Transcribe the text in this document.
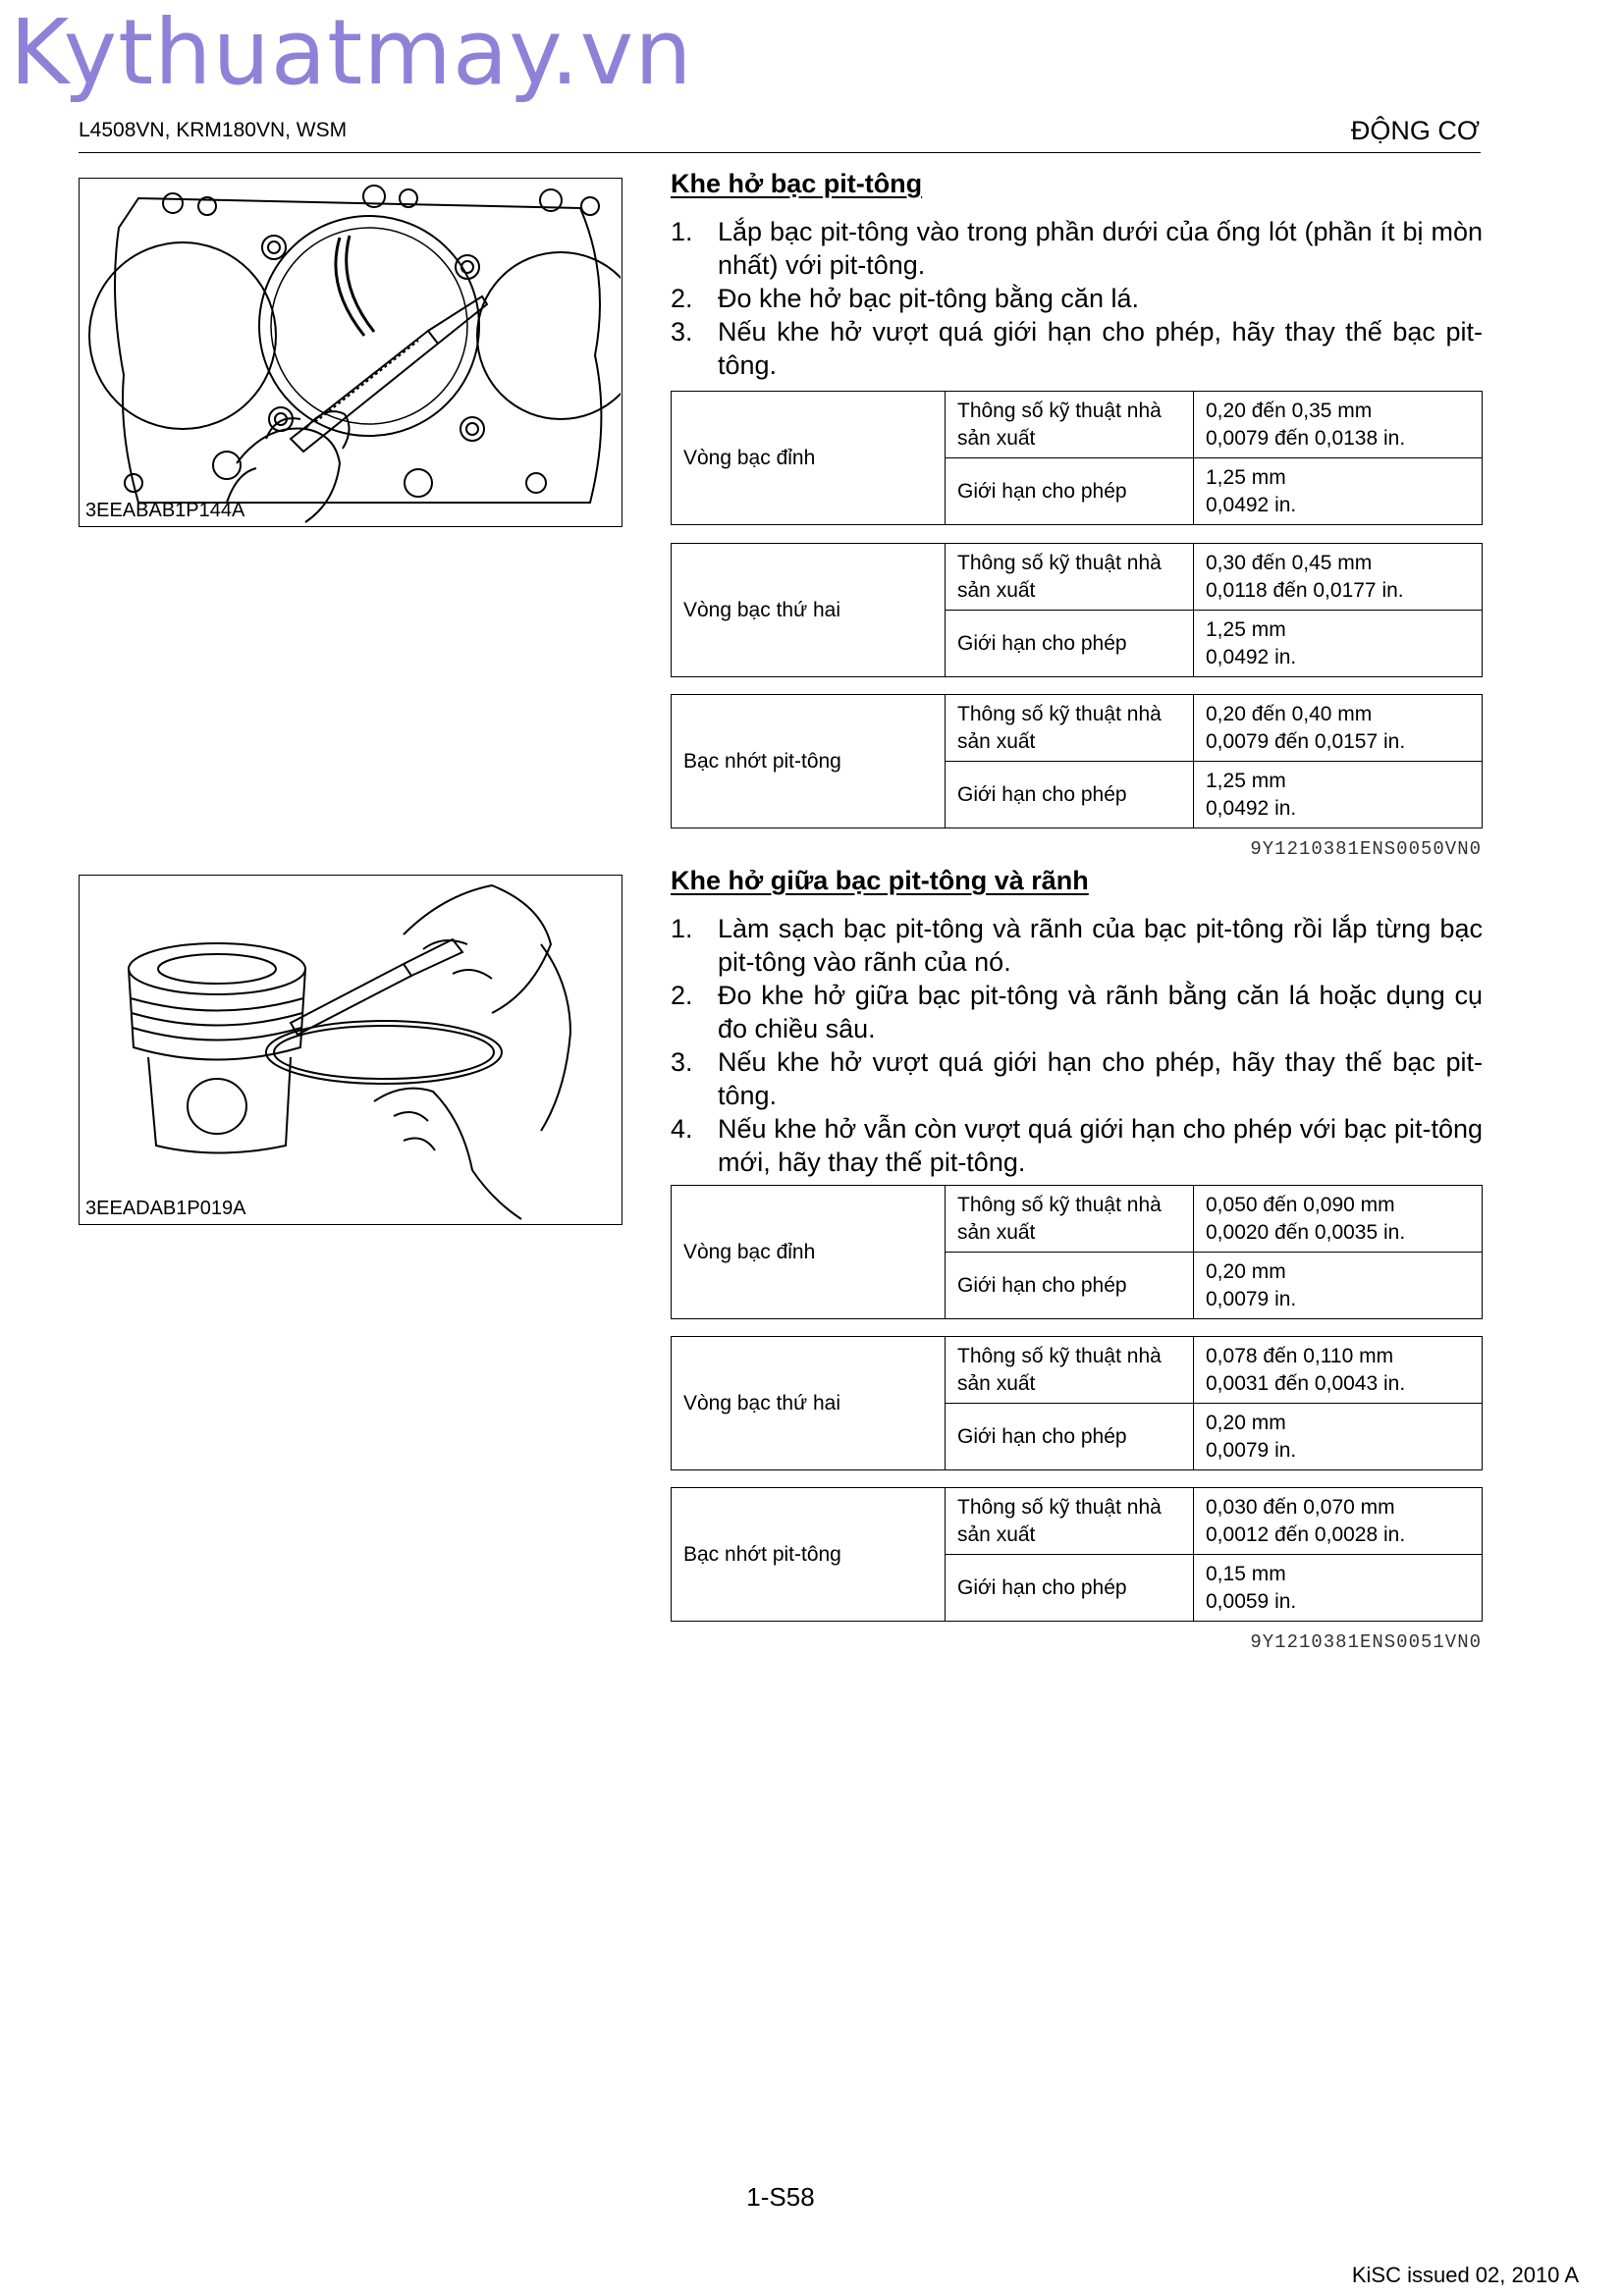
Kythuatmay.vn
L4508VN, KRM180VN, WSM	ĐỘNG CƠ
3EEABAB1P144A
3EEADAB1P019A
Khe hở bạc pit-tông
1. Lắp bạc pit-tông vào trong phần dưới của ống lót (phần ít bị mòn nhất) với pit-tông.
2. Đo khe hở bạc pit-tông bằng căn lá.
3. Nếu khe hở vượt quá giới hạn cho phép, hãy thay thế bạc pit-tông.
Vòng bạc đỉnh	Thông số kỹ thuật nhà sản xuất	0,20 đến 0,35 mm
0,0079 đến 0,0138 in.

	Giới hạn cho phép	1,25 mm
0,0492 in.
Vòng bạc thứ hai	Thông số kỹ thuật nhà sản xuất	0,30 đến 0,45 mm
0,0118 đến 0,0177 in.

	Giới hạn cho phép	1,25 mm
0,0492 in.
Bạc nhớt pit-tông	Thông số kỹ thuật nhà sản xuất	0,20 đến 0,40 mm
0,0079 đến 0,0157 in.

	Giới hạn cho phép	1,25 mm
0,0492 in.
9Y1210381ENS0050VN0
Khe hở giữa bạc pit-tông và rãnh
1. Làm sạch bạc pit-tông và rãnh của bạc pit-tông rồi lắp từng bạc pit-tông vào rãnh của nó.
2. Đo khe hở giữa bạc pit-tông và rãnh bằng căn lá hoặc dụng cụ đo chiều sâu.
3. Nếu khe hở vượt quá giới hạn cho phép, hãy thay thế bạc pit-tông.
4. Nếu khe hở vẫn còn vượt quá giới hạn cho phép với bạc pit-tông mới, hãy thay thế pit-tông.
Vòng bạc đỉnh	Thông số kỹ thuật nhà sản xuất	0,050 đến 0,090 mm
0,0020 đến 0,0035 in.

	Giới hạn cho phép	0,20 mm
0,0079 in.
Vòng bạc thứ hai	Thông số kỹ thuật nhà sản xuất	0,078 đến 0,110 mm
0,0031 đến 0,0043 in.

	Giới hạn cho phép	0,20 mm
0,0079 in.
Bạc nhớt pit-tông	Thông số kỹ thuật nhà sản xuất	0,030 đến 0,070 mm
0,0012 đến 0,0028 in.

	Giới hạn cho phép	0,15 mm
0,0059 in.
9Y1210381ENS0051VN0
1-S58
KiSC issued 02, 2010 A
